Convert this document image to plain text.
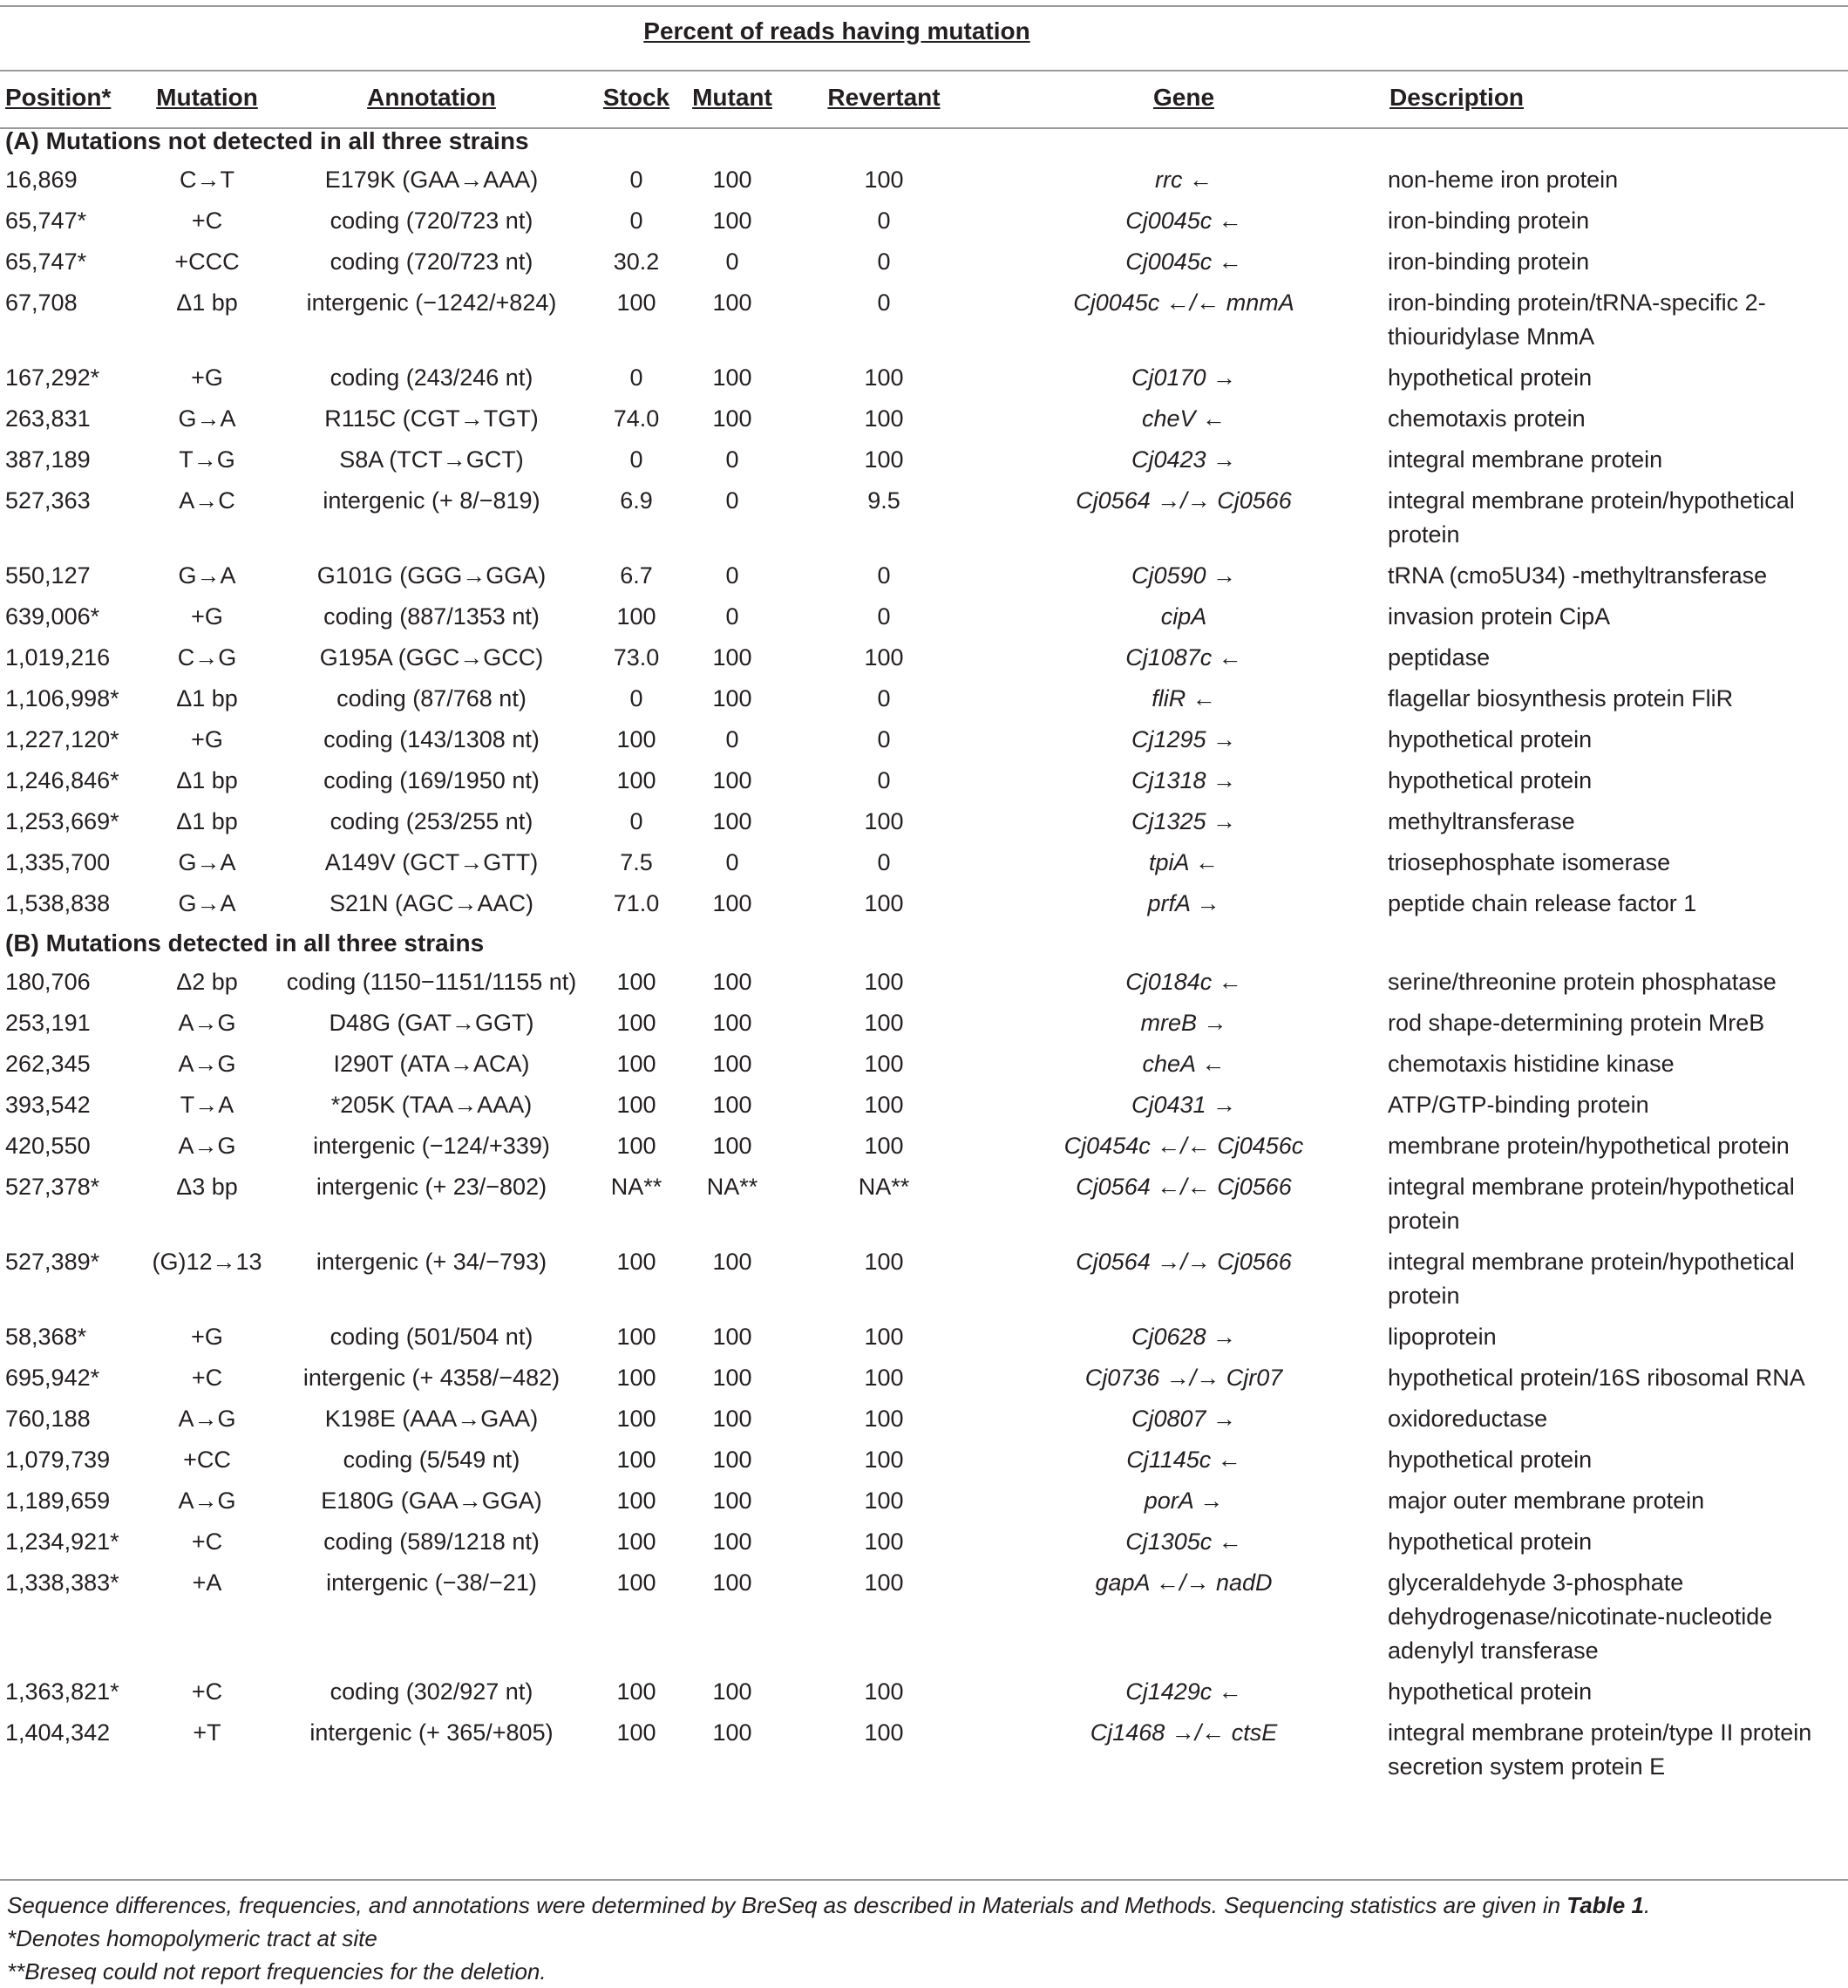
Percent of reads having mutation
Position*	Mutation	Annotation	Stock	Mutant	Revertant	Gene	Description
(A) Mutations not detected in all three strains							
16,869	C→T	E179K (GAA→AAA)	0	100	100	rrc ←	non-heme iron protein
65,747*	+C	coding (720/723 nt)	0	100	0	Cj0045c ←	iron-binding protein
65,747*	+CCC	coding (720/723 nt)	30.2	0	0	Cj0045c ←	iron-binding protein
67,708	Δ1 bp	intergenic (−1242/+824)	100	100	0	Cj0045c ←/← mnmA	iron-binding protein/tRNA-specific 2-thiouridylase MnmA
167,292*	+G	coding (243/246 nt)	0	100	100	Cj0170 →	hypothetical protein
263,831	G→A	R115C (CGT→TGT)	74.0	100	100	cheV ←	chemotaxis protein
387,189	T→G	S8A (TCT→GCT)	0	0	100	Cj0423 →	integral membrane protein
527,363	A→C	intergenic (+ 8/−819)	6.9	0	9.5	Cj0564 →/→ Cj0566	integral membrane protein/hypothetical protein
550,127	G→A	G101G (GGG→GGA)	6.7	0	0	Cj0590 →	tRNA (cmo5U34) -methyltransferase
639,006*	+G	coding (887/1353 nt)	100	0	0	cipA	invasion protein CipA
1,019,216	C→G	G195A (GGC→GCC)	73.0	100	100	Cj1087c ←	peptidase
1,106,998*	Δ1 bp	coding (87/768 nt)	0	100	0	fliR ←	flagellar biosynthesis protein FliR
1,227,120*	+G	coding (143/1308 nt)	100	0	0	Cj1295 →	hypothetical protein
1,246,846*	Δ1 bp	coding (169/1950 nt)	100	100	0	Cj1318 →	hypothetical protein
1,253,669*	Δ1 bp	coding (253/255 nt)	0	100	100	Cj1325 →	methyltransferase
1,335,700	G→A	A149V (GCT→GTT)	7.5	0	0	tpiA ←	triosephosphate isomerase
1,538,838	G→A	S21N (AGC→AAC)	71.0	100	100	prfA →	peptide chain release factor 1
(B) Mutations detected in all three strains							
180,706	Δ2 bp	coding (1150−1151/1155 nt)	100	100	100	Cj0184c ←	serine/threonine protein phosphatase
253,191	A→G	D48G (GAT→GGT)	100	100	100	mreB →	rod shape-determining protein MreB
262,345	A→G	I290T (ATA→ACA)	100	100	100	cheA ←	chemotaxis histidine kinase
393,542	T→A	*205K (TAA→AAA)	100	100	100	Cj0431 →	ATP/GTP-binding protein
420,550	A→G	intergenic (−124/+339)	100	100	100	Cj0454c ←/← Cj0456c	membrane protein/hypothetical protein
527,378*	Δ3 bp	intergenic (+ 23/−802)	NA**	NA**	NA**	Cj0564 ←/← Cj0566	integral membrane protein/hypothetical protein
527,389*	(G)12→13	intergenic (+ 34/−793)	100	100	100	Cj0564 →/→ Cj0566	integral membrane protein/hypothetical protein
58,368*	+G	coding (501/504 nt)	100	100	100	Cj0628 →	lipoprotein
695,942*	+C	intergenic (+ 4358/−482)	100	100	100	Cj0736 →/→ Cjr07	hypothetical protein/16S ribosomal RNA
760,188	A→G	K198E (AAA→GAA)	100	100	100	Cj0807 →	oxidoreductase
1,079,739	+CC	coding (5/549 nt)	100	100	100	Cj1145c ←	hypothetical protein
1,189,659	A→G	E180G (GAA→GGA)	100	100	100	porA →	major outer membrane protein
1,234,921*	+C	coding (589/1218 nt)	100	100	100	Cj1305c ←	hypothetical protein
1,338,383*	+A	intergenic (−38/−21)	100	100	100	gapA ←/→ nadD	glyceraldehyde 3-phosphate dehydrogenase/nicotinate-nucleotide adenylyl transferase
1,363,821*	+C	coding (302/927 nt)	100	100	100	Cj1429c ←	hypothetical protein
1,404,342	+T	intergenic (+ 365/+805)	100	100	100	Cj1468 →/← ctsE	integral membrane protein/type II protein secretion system protein E
Sequence differences, frequencies, and annotations were determined by BreSeq as described in Materials and Methods. Sequencing statistics are given in Table 1.
*Denotes homopolymeric tract at site
**Breseq could not report frequencies for the deletion.
